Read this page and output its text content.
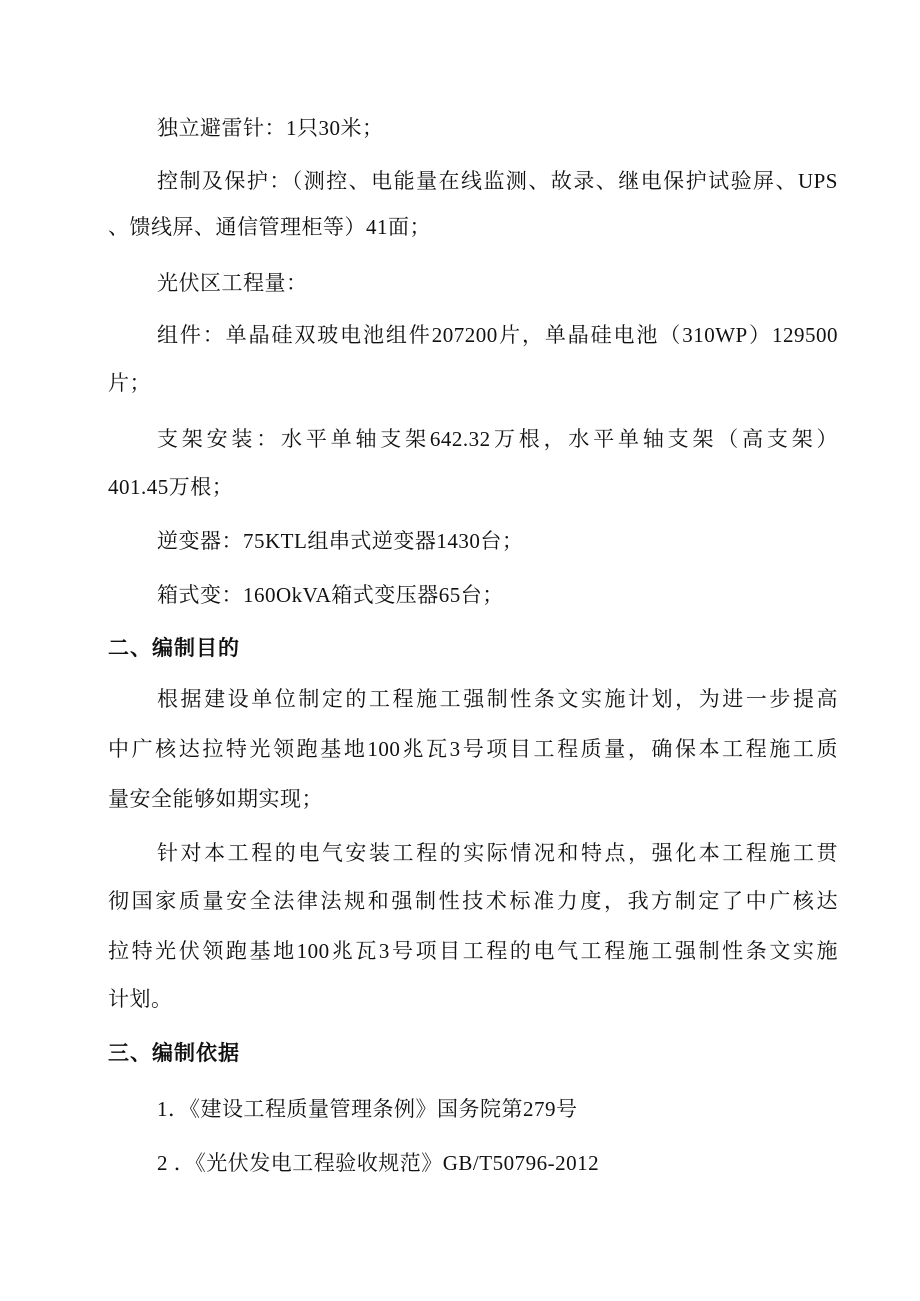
独立避雷针：1只30米；
控制及保护：（测控、电能量在线监测、故录、继电保护试验屏、UPS
、馈线屏、通信管理柜等）41面；
光伏区工程量：
组件：单晶硅双玻电池组件207200片，单晶硅电池（310WP）129500
片；
支架安装：水平单轴支架642.32万根，水平单轴支架（高支架）
401.45万根；
逆变器：75KTL组串式逆变器1430台；
箱式变：160OkVA箱式变压器65台；
二、编制目的
根据建设单位制定的工程施工强制性条文实施计划，为进一步提高
中广核达拉特光领跑基地100兆瓦3号项目工程质量，确保本工程施工质
量安全能够如期实现；
针对本工程的电气安装工程的实际情况和特点，强化本工程施工贯
彻国家质量安全法律法规和强制性技术标准力度，我方制定了中广核达
拉特光伏领跑基地100兆瓦3号项目工程的电气工程施工强制性条文实施
计划。
三、编制依据
1．《建设工程质量管理条例》国务院第279号
2 ．《光伏发电工程验收规范》GB/T50796-2012
